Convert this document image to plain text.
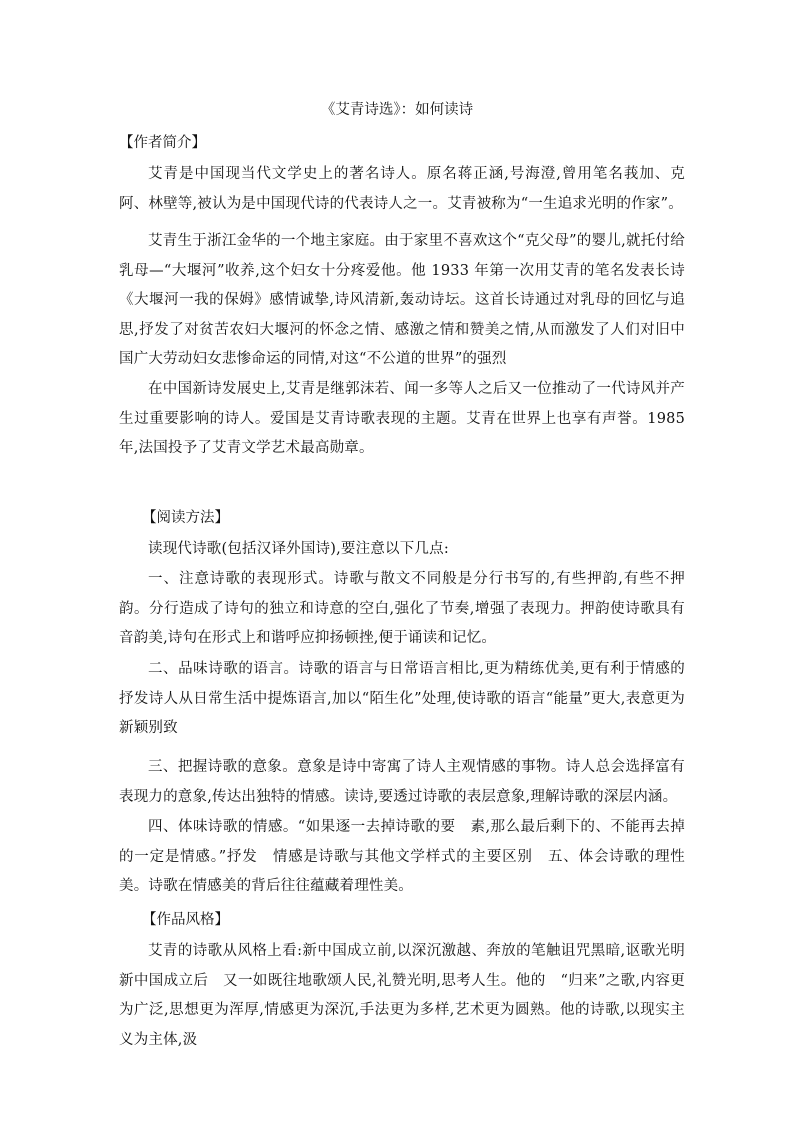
《艾青诗选》：如何读诗
【作者简介】
艾青是中国现当代文学史上的著名诗人。原名蒋正涵,号海澄,曾用笔名莪加、克阿、林壁等,被认为是中国现代诗的代表诗人之一。艾青被称为“一生追求光明的作家”。
艾青生于浙江金华的一个地主家庭。由于家里不喜欢这个“克父母”的婴儿,就托付给乳母—“大堰河”收养,这个妇女十分疼爱他。他 1933 年第一次用艾青的笔名发表长诗《大堰河一我的保姆》感情诚挚,诗风清新,轰动诗坛。这首长诗通过对乳母的回忆与追思,抒发了对贫苦农妇大堰河的怀念之情、感激之情和赞美之情,从而激发了人们对旧中国广大劳动妇女悲惨命运的同情,对这“不公道的世界”的强烈
在中国新诗发展史上,艾青是继郭沫若、闻一多等人之后又一位推动了一代诗风并产生过重要影响的诗人。爱国是艾青诗歌表现的主题。艾青在世界上也享有声誉。1985 年,法国投予了艾青文学艺术最高勋章。
【阅读方法】
读现代诗歌(包括汉译外国诗),要注意以下几点:
一、注意诗歌的表现形式。诗歌与散文不同般是分行书写的,有些押韵,有些不押韵。分行造成了诗句的独立和诗意的空白,强化了节奏,增强了表现力。押韵使诗歌具有音韵美,诗句在形式上和谐呼应抑扬顿挫,便于诵读和记忆。
二、品味诗歌的语言。诗歌的语言与日常语言相比,更为精练优美,更有利于情感的抒发诗人从日常生活中提炼语言,加以“陌生化”处理,使诗歌的语言“能量”更大,表意更为新颖别致
三、把握诗歌的意象。意象是诗中寄寓了诗人主观情感的事物。诗人总会选择富有表现力的意象,传达出独特的情感。读诗,要透过诗歌的表层意象,理解诗歌的深层内涵。
四、体味诗歌的情感。“如果逐一去掉诗歌的要　素,那么最后剩下的、不能再去掉的一定是情感。”抒发　情感是诗歌与其他文学样式的主要区别　五、体会诗歌的理性美。诗歌在情感美的背后往往蕴藏着理性美。
【作品风格】
艾青的诗歌从风格上看:新中国成立前,以深沉激越、奔放的笔触诅咒黑暗,讴歌光明新中国成立后　又一如既往地歌颂人民,礼赞光明,思考人生。他的　“归来”之歌,内容更为广泛,思想更为浑厚,情感更为深沉,手法更为多样,艺术更为圆熟。他的诗歌,以现实主义为主体,汲
